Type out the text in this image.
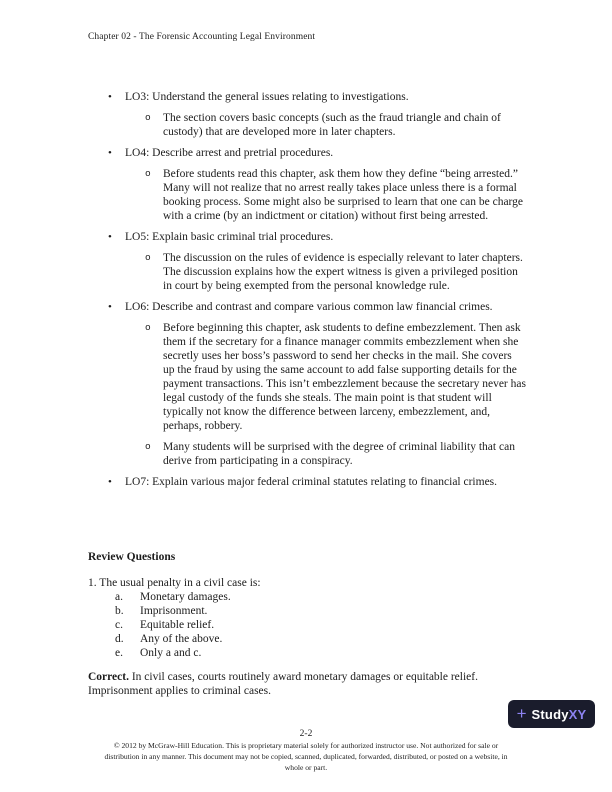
Chapter 02 - The Forensic Accounting Legal Environment
•	LO3: Understand the general issues relating to investigations.
o	The section covers basic concepts (such as the fraud triangle and chain of custody) that are developed more in later chapters.
•	LO4: Describe arrest and pretrial procedures.
o	Before students read this chapter, ask them how they define “being arrested.” Many will not realize that no arrest really takes place unless there is a formal booking process. Some might also be surprised to learn that one can be charge with a crime (by an indictment or citation) without first being arrested.
•	LO5: Explain basic criminal trial procedures.
o	The discussion on the rules of evidence is especially relevant to later chapters. The discussion explains how the expert witness is given a privileged position in court by being exempted from the personal knowledge rule.
•	LO6: Describe and contrast and compare various common law financial crimes.
o	Before beginning this chapter, ask students to define embezzlement. Then ask them if the secretary for a finance manager commits embezzlement when she secretly uses her boss’s password to send her checks in the mail. She covers up the fraud by using the same account to add false supporting details for the payment transactions. This isn’t embezzlement because the secretary never has legal custody of the funds she steals. The main point is that student will typically not know the difference between larceny, embezzlement, and, perhaps, robbery.
o	Many students will be surprised with the degree of criminal liability that can derive from participating in a conspiracy.
•	LO7: Explain various major federal criminal statutes relating to financial crimes.
Review Questions
1. The usual penalty in a civil case is:
a.	Monetary damages.
b.	Imprisonment.
c.	Equitable relief.
d.	Any of the above.
e.	Only a and c.

Correct. In civil cases, courts routinely award monetary damages or equitable relief. Imprisonment applies to criminal cases.

+ StudyXY
2-2
© 2012 by McGraw-Hill Education. This is proprietary material solely for authorized instructor use. Not authorized for sale or
distribution in any manner. This document may not be copied, scanned, duplicated, forwarded, distributed, or posted on a website, in
whole or part.
